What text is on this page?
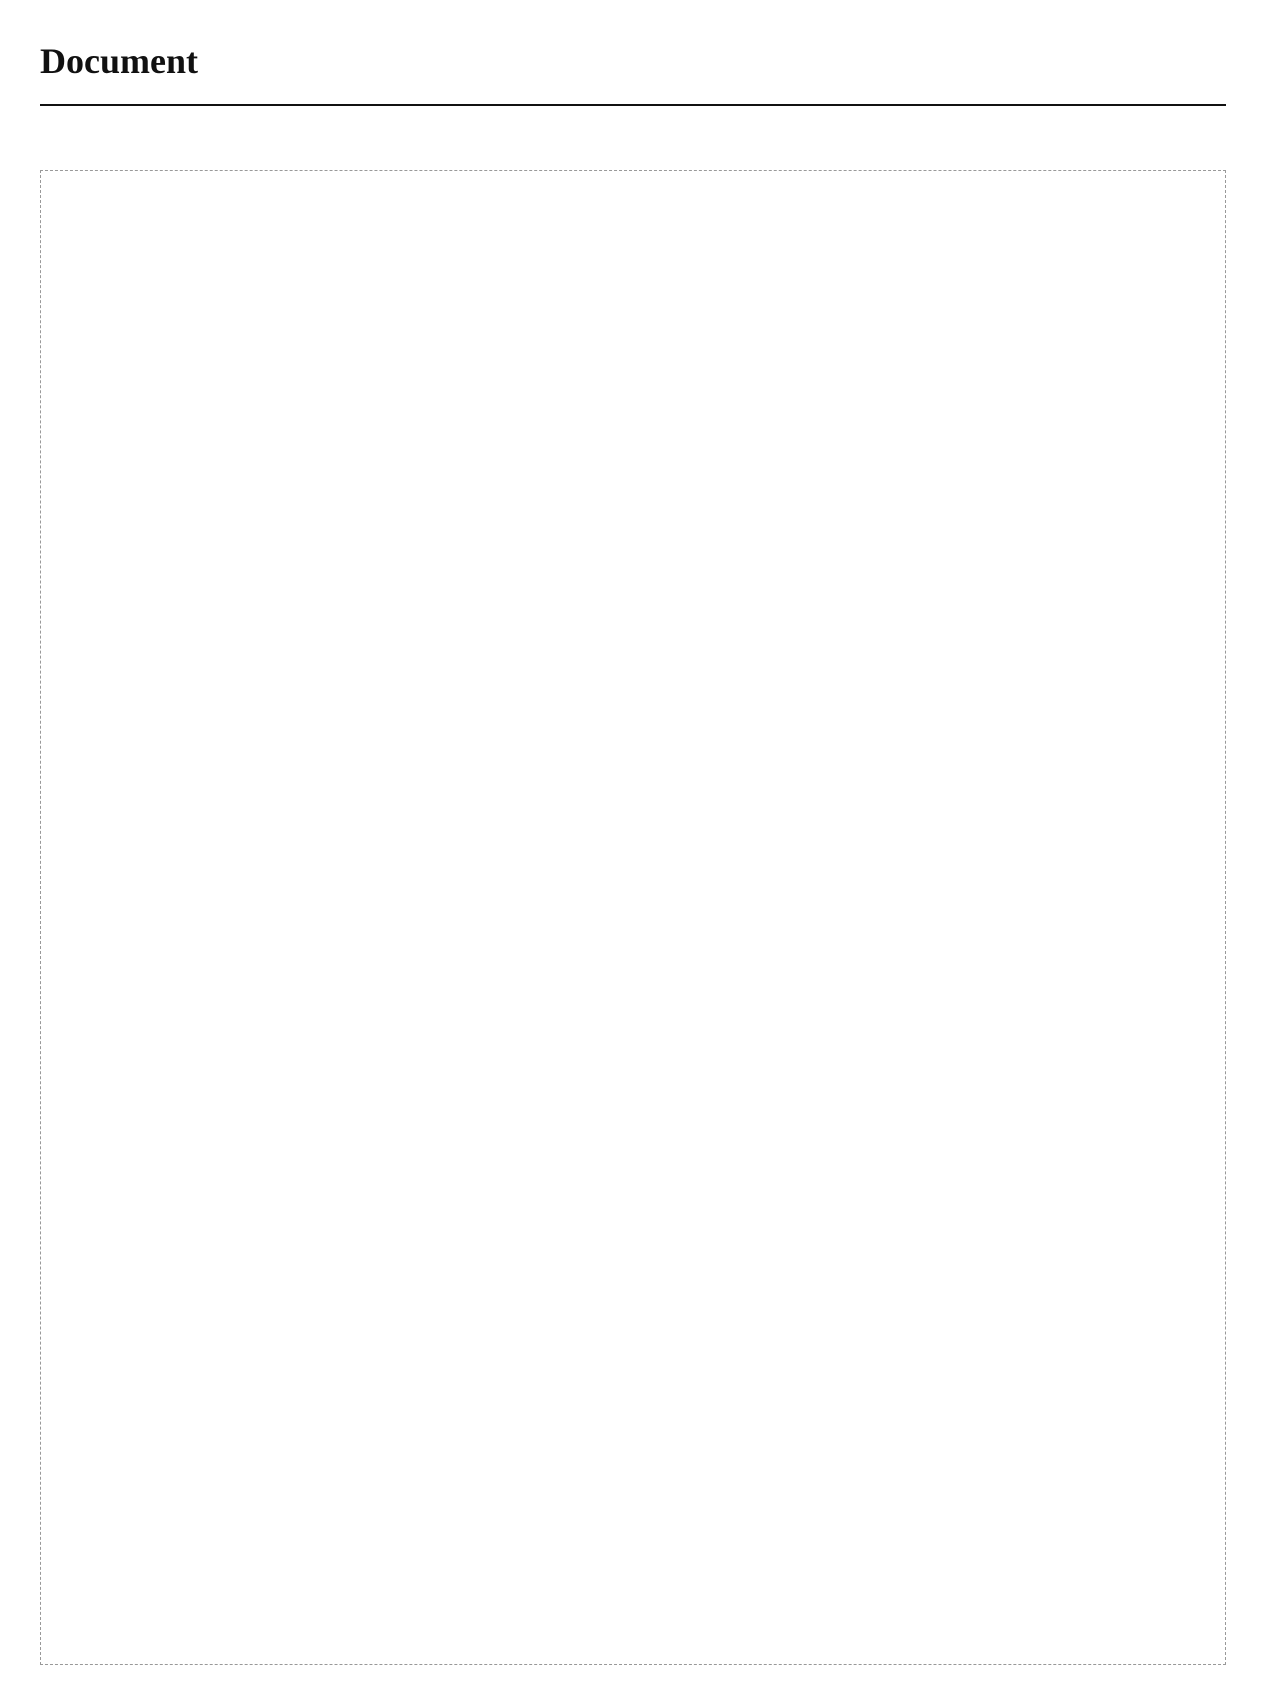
Document
